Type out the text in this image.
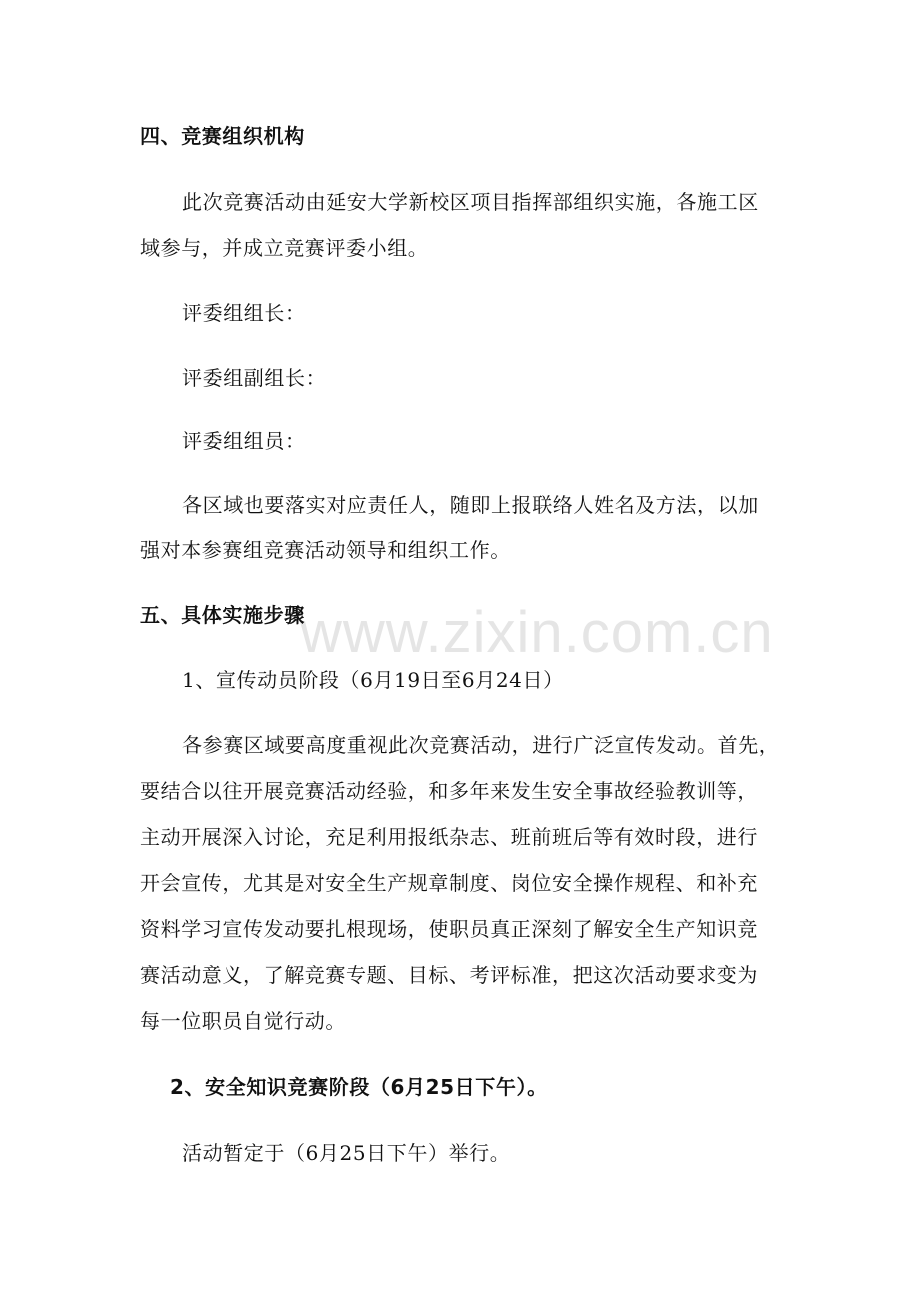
www.zixin.com.cn
四、竞赛组织机构
此次竞赛活动由延安大学新校区项目指挥部组织实施，各施工区
域参与，并成立竞赛评委小组。
评委组组长：
评委组副组长：
评委组组员：
各区域也要落实对应责任人，随即上报联络人姓名及方法，以加
强对本参赛组竞赛活动领导和组织工作。
五、具体实施步骤
1、宣传动员阶段（6月19日至6月24日）
各参赛区域要高度重视此次竞赛活动，进行广泛宣传发动。首先，
要结合以往开展竞赛活动经验，和多年来发生安全事故经验教训等，
主动开展深入讨论，充足利用报纸杂志、班前班后等有效时段，进行
开会宣传，尤其是对安全生产规章制度、岗位安全操作规程、和补充
资料学习宣传发动要扎根现场，使职员真正深刻了解安全生产知识竞
赛活动意义，了解竞赛专题、目标、考评标准，把这次活动要求变为
每一位职员自觉行动。
2、安全知识竞赛阶段（6月25日下午）。
活动暂定于（6月25日下午）举行。
